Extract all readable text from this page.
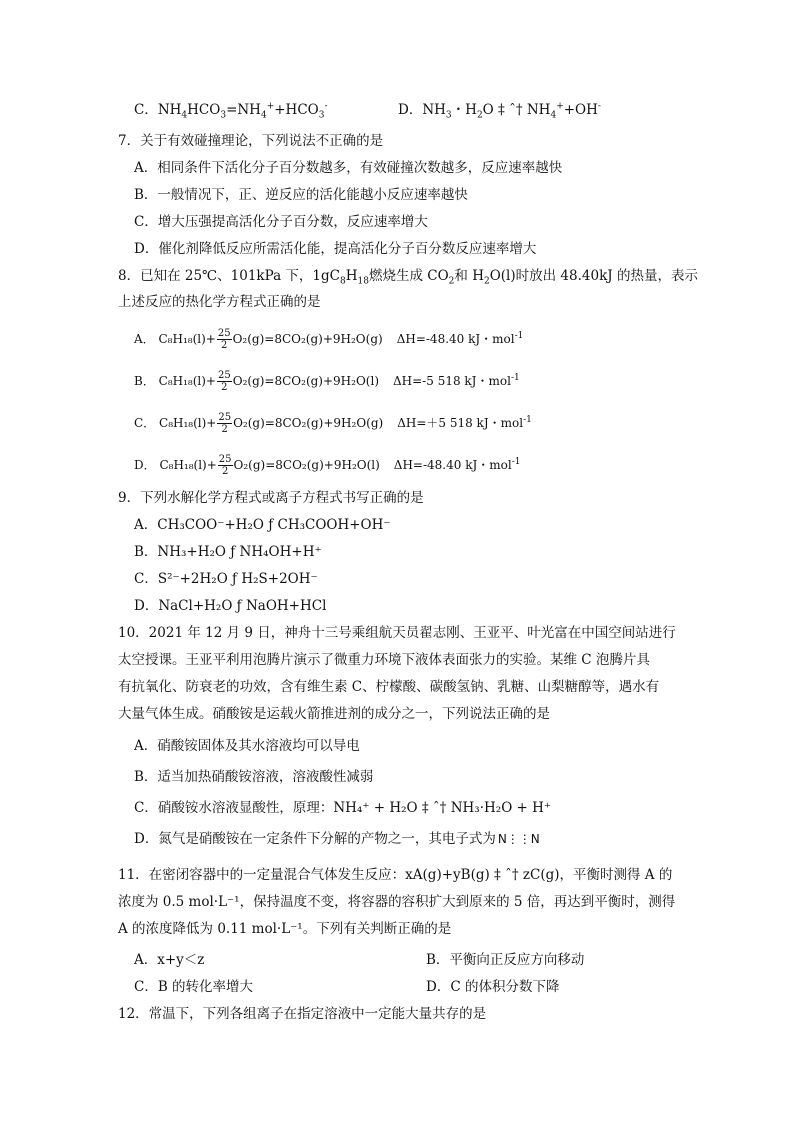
C．$NH_4HCO_3=NH_4^++HCO_3^-$	D．$NH_3$・$H_2O$ ‡ ˆ† $NH_4^++OH^-$
7．关于有效碰撞理论，下列说法不正确的是
A．相同条件下活化分子百分数越多，有效碰撞次数越多，反应速率越快
B．一般情况下，正、逆反应的活化能越小反应速率越快
C．增大压强提高活化分子百分数，反应速率增大
D．催化剂降低反应所需活化能，提高活化分子百分数反应速率增大
8．已知在 25℃、101kPa 下，$1gC_8H_{18}$燃烧生成 $CO_2$和 $H_2O(l)$时放出 48.40kJ 的热量，表示
上述反应的热化学方程式正确的是
A． $C_8H_{18}(l)+ \frac{25}{2} O_2(g)=8CO_2(g)+9H_2O(g)$ ΔH=-48.40 kJ・mol$^{-1}$
B． $C_8H_{18}(l)+ \frac{25}{2} O_2(g)=8CO_2(g)+9H_2O(l)$ ΔH=-5 518 kJ・mol$^{-1}$
C． $C_8H_{18}(l)+ \frac{25}{2} O_2(g)=8CO_2(g)+9H_2O(g)$ ΔH=＋5 518 kJ・mol$^{-1}$
D． $C_8H_{18}(l)+ \frac{25}{2} O_2(g)=8CO_2(g)+9H_2O(l)$ ΔH=-48.40 kJ・mol$^{-1}$
9．下列水解化学方程式或离子方程式书写正确的是
A．CH₃COO⁻+H₂O ƒ CH₃COOH+OH⁻
B．NH₃+H₂O ƒ NH₄OH+H⁺
C．S²⁻+2H₂O ƒ H₂S+2OH⁻
D．NaCl+H₂O ƒ NaOH+HCl
10．2021 年 12 月 9 日，神舟十三号乘组航天员翟志刚、王亚平、叶光富在中国空间站进行
太空授课。王亚平利用泡腾片演示了微重力环境下液体表面张力的实验。某维 C 泡腾片具
有抗氧化、防衰老的功效，含有维生素 C、柠檬酸、碳酸氢钠、乳糖、山梨糖醇等，遇水有
大量气体生成。硝酸铵是运载火箭推进剂的成分之一，下列说法正确的是
A．硝酸铵固体及其水溶液均可以导电
B．适当加热硝酸铵溶液，溶液酸性减弱
C．硝酸铵水溶液显酸性，原理：NH₄⁺ + H₂O ‡ ˆ† NH₃·H₂O + H⁺
D．氮气是硝酸铵在一定条件下分解的产物之一，其电子式为 N⋮⋮N
11．在密闭容器中的一定量混合气体发生反应：xA(g)+yB(g) ‡ ˆ† zC(g)，平衡时测得 A 的
浓度为 0.5 mol·L⁻¹，保持温度不变，将容器的容积扩大到原来的 5 倍，再达到平衡时，测得
A 的浓度降低为 0.11 mol·L⁻¹。下列有关判断正确的是
A．x+y＜z	B．平衡向正反应方向移动
C．B 的转化率增大	D．C 的体积分数下降
12．常温下，下列各组离子在指定溶液中一定能大量共存的是
